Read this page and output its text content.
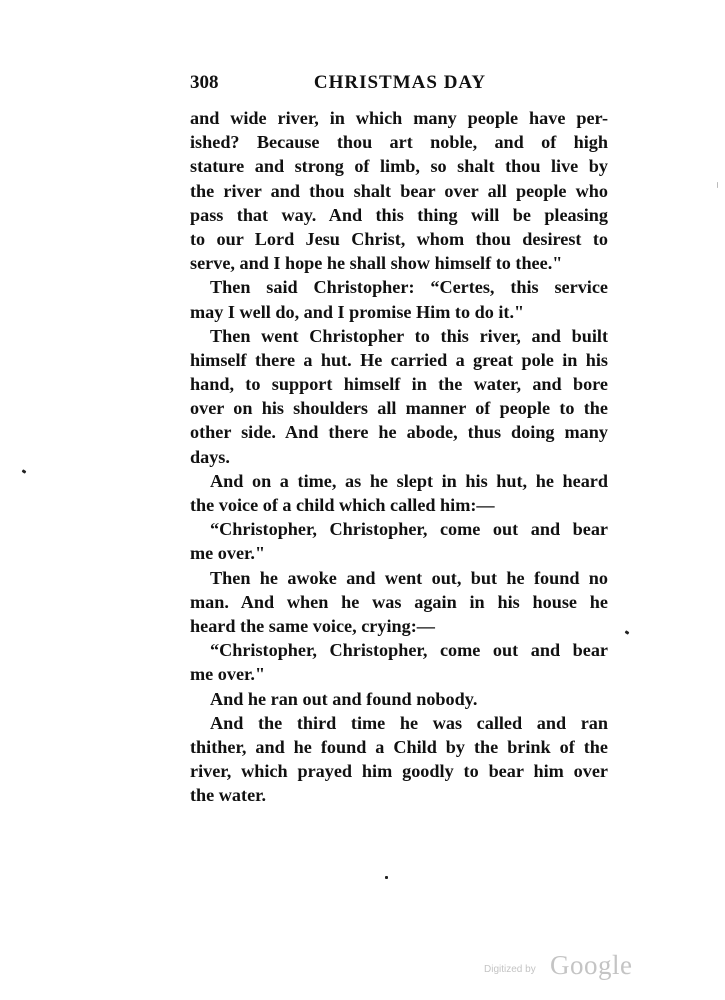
308	CHRISTMAS DAY
and wide river, in which many people have per-
ished? Because thou art noble, and of high
stature and strong of limb, so shalt thou live by
the river and thou shalt bear over all people who
pass that way. And this thing will be pleasing
to our Lord Jesu Christ, whom thou desirest to
serve, and I hope he shall show himself to thee."
Then said Christopher: “Certes, this service
may I well do, and I promise Him to do it."
Then went Christopher to this river, and built
himself there a hut. He carried a great pole in his
hand, to support himself in the water, and bore
over on his shoulders all manner of people to the
other side. And there he abode, thus doing many
days.
And on a time, as he slept in his hut, he heard
the voice of a child which called him:—
“Christopher, Christopher, come out and bear
me over."
Then he awoke and went out, but he found no
man. And when he was again in his house he
heard the same voice, crying:—
“Christopher, Christopher, come out and bear
me over."
And he ran out and found nobody.
And the third time he was called and ran
thither, and he found a Child by the brink of the
river, which prayed him goodly to bear him over
the water.
Digitized by Google
